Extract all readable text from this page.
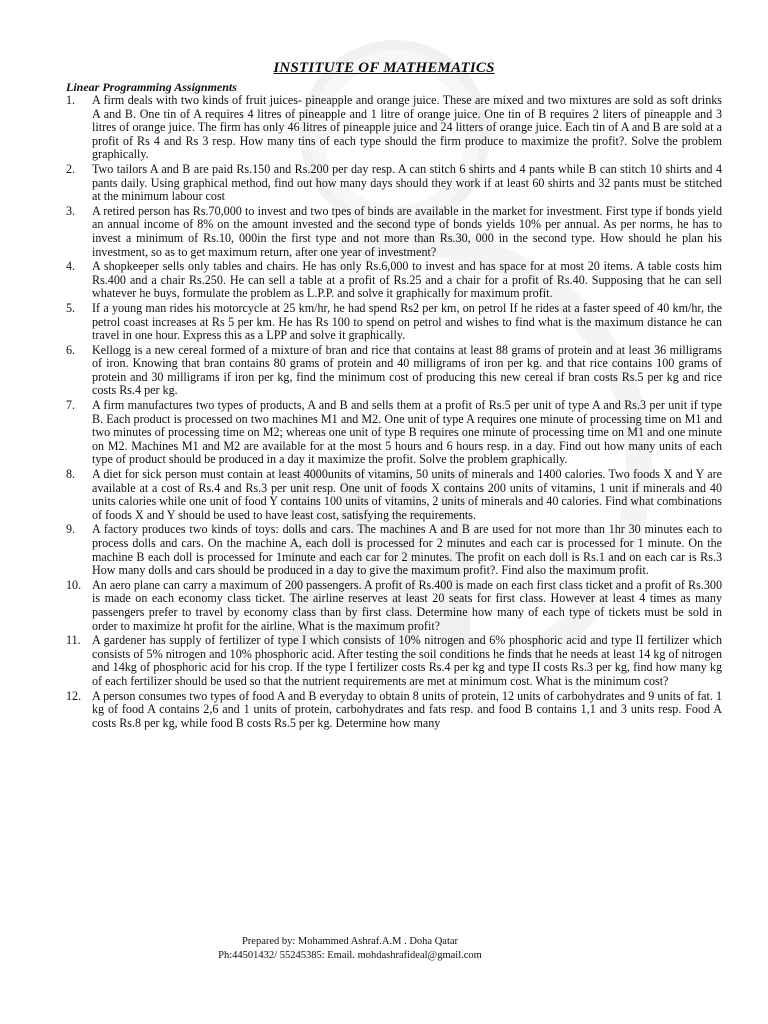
INSTITUTE OF MATHEMATICS
Linear Programming Assignments
1. A firm deals with two kinds of fruit juices- pineapple and orange juice. These are mixed and two mixtures are sold as soft drinks A and B. One tin of A requires 4 litres of pineapple and 1 litre of orange juice. One tin of B requires 2 liters of pineapple and 3 litres of orange juice. The firm has only 46 litres of pineapple juice and 24 litters of orange juice. Each tin of A and B are sold at a profit of Rs 4 and Rs 3 resp. How many tins of each type should the firm produce to maximize the profit?. Solve the problem graphically.
2. Two tailors A and B are paid Rs.150 and Rs.200 per day resp. A can stitch 6 shirts and 4 pants while B can stitch 10 shirts and 4 pants daily. Using graphical method, find out how many days should they work if at least 60 shirts and 32 pants must be stitched at the minimum labour cost
3. A retired person has Rs.70,000 to invest and two tpes of binds are available in the market for investment. First type if bonds yield an annual income of 8% on the amount invested and the second type of bonds yields 10% per annual. As per norms, he has to invest a minimum of Rs.10, 000in the first type and not more than Rs.30, 000 in the second type. How should he plan his investment, so as to get maximum return, after one year of investment?
4. A shopkeeper sells only tables and chairs. He has only Rs.6,000 to invest and has space for at most 20 items. A table costs him Rs.400 and a chair Rs.250. He can sell a table at a profit of Rs.25 and a chair for a profit of Rs.40. Supposing that he can sell whatever he buys, formulate the problem as L.P.P. and solve it graphically for maximum profit.
5. If a young man rides his motorcycle at 25 km/hr, he had spend Rs2 per km, on petrol If he rides at a faster speed of 40 km/hr, the petrol coast increases at Rs 5 per km. He has Rs 100 to spend on petrol and wishes to find what is the maximum distance he can travel in one hour. Express this as a LPP and solve it graphically.
6. Kellogg is a new cereal formed of a mixture of bran and rice that contains at least 88 grams of protein and at least 36 milligrams of iron. Knowing that bran contains 80 grams of protein and 40 milligrams of iron per kg. and that rice contains 100 grams of protein and 30 milligrams if iron per kg, find the minimum cost of producing this new cereal if bran costs Rs.5 per kg and rice costs Rs.4 per kg.
7. A firm manufactures two types of products, A and B and sells them at a profit of Rs.5 per unit of type A and Rs.3 per unit if type B. Each product is processed on two machines M1 and M2. One unit of type A requires one minute of processing time on M1 and two minutes of processing time on M2; whereas one unit of type B requires one minute of processing time on M1 and one minute on M2. Machines M1 and M2 are available for at the most 5 hours and 6 hours resp. in a day. Find out how many units of each type of product should be produced in a day it maximize the profit. Solve the problem graphically.
8. A diet for sick person must contain at least 4000units of vitamins, 50 units of minerals and 1400 calories. Two foods X and Y are available at a cost of Rs.4 and Rs.3 per unit resp. One unit of foods X contains 200 units of vitamins, 1 unit if minerals and 40 units calories while one unit of food Y contains 100 units of vitamins, 2 units of minerals and 40 calories. Find what combinations of foods X and Y should be used to have least cost, satisfying the requirements.
9. A factory produces two kinds of toys: dolls and cars. The machines A and B are used for not more than 1hr 30 minutes each to process dolls and cars. On the machine A, each doll is processed for 2 minutes and each car is processed for 1 minute. On the machine B each doll is processed for 1minute and each car for 2 minutes. The profit on each doll is Rs.1 and on each car is Rs.3 How many dolls and cars should be produced in a day to give the maximum profit?. Find also the maximum profit.
10. An aero plane can carry a maximum of 200 passengers. A profit of Rs.400 is made on each first class ticket and a profit of Rs.300 is made on each economy class ticket. The airline reserves at least 20 seats for first class. However at least 4 times as many passengers prefer to travel by economy class than by first class. Determine how many of each type of tickets must be sold in order to maximize ht profit for the airline. What is the maximum profit?
11. A gardener has supply of fertilizer of type I which consists of 10% nitrogen and 6% phosphoric acid and type II fertilizer which consists of 5% nitrogen and 10% phosphoric acid. After testing the soil conditions he finds that he needs at least 14 kg of nitrogen and 14kg of phosphoric acid for his crop. If the type I fertilizer costs Rs.4 per kg and type II costs Rs.3 per kg, find how many kg of each fertilizer should be used so that the nutrient requirements are met at minimum cost. What is the minimum cost?
12. A person consumes two types of food A and B everyday to obtain 8 units of protein, 12 units of carbohydrates and 9 units of fat. 1 kg of food A contains 2,6 and 1 units of protein, carbohydrates and fats resp. and food B contains 1,1 and 3 units resp. Food A costs Rs.8 per kg, while food B costs Rs.5 per kg. Determine how many
Prepared by: Mohammed Ashraf.A.M . Doha Qatar
Ph:44501432/ 55245385: Email. mohdashrafideal@gmail.com
